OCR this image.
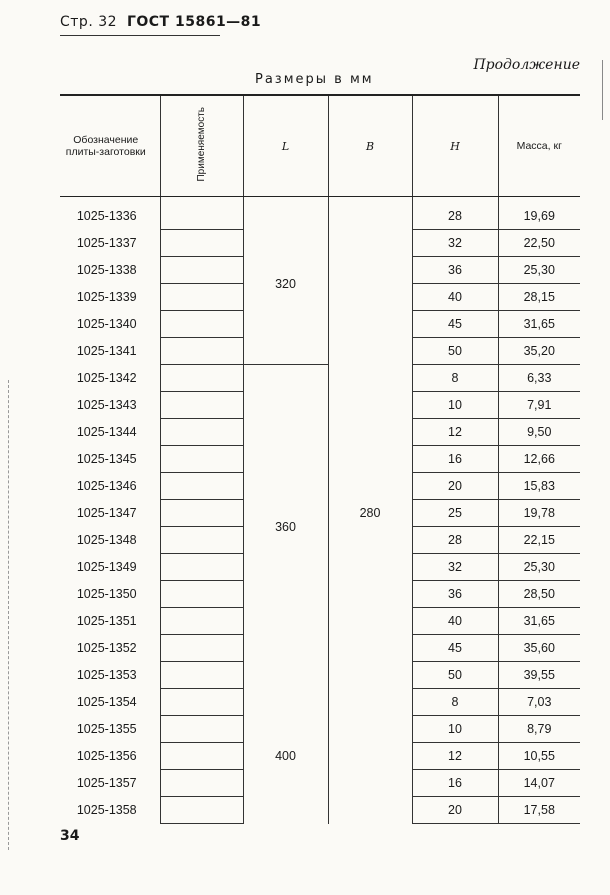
Стр. 32 ГОСТ 15861—81
Продолжение
Размеры в мм
Обозначение плиты-заготовки	Применяемость	L	B	H	Масса, кг

1025-1336		320	280	28	19,69
1025-1337				32	22,50
1025-1338				36	25,30
1025-1339				40	28,15
1025-1340				45	31,65
1025-1341				50	35,20
1025-1342		360		8	6,33
1025-1343				10	7,91
1025-1344				12	9,50
1025-1345				16	12,66
1025-1346				20	15,83
1025-1347				25	19,78
1025-1348				28	22,15
1025-1349				32	25,30
1025-1350				36	28,50
1025-1351				40	31,65
1025-1352				45	35,60
1025-1353				50	39,55
1025-1354		400		8	7,03
1025-1355				10	8,79
1025-1356				12	10,55
1025-1357				16	14,07
1025-1358				20	17,58
34
